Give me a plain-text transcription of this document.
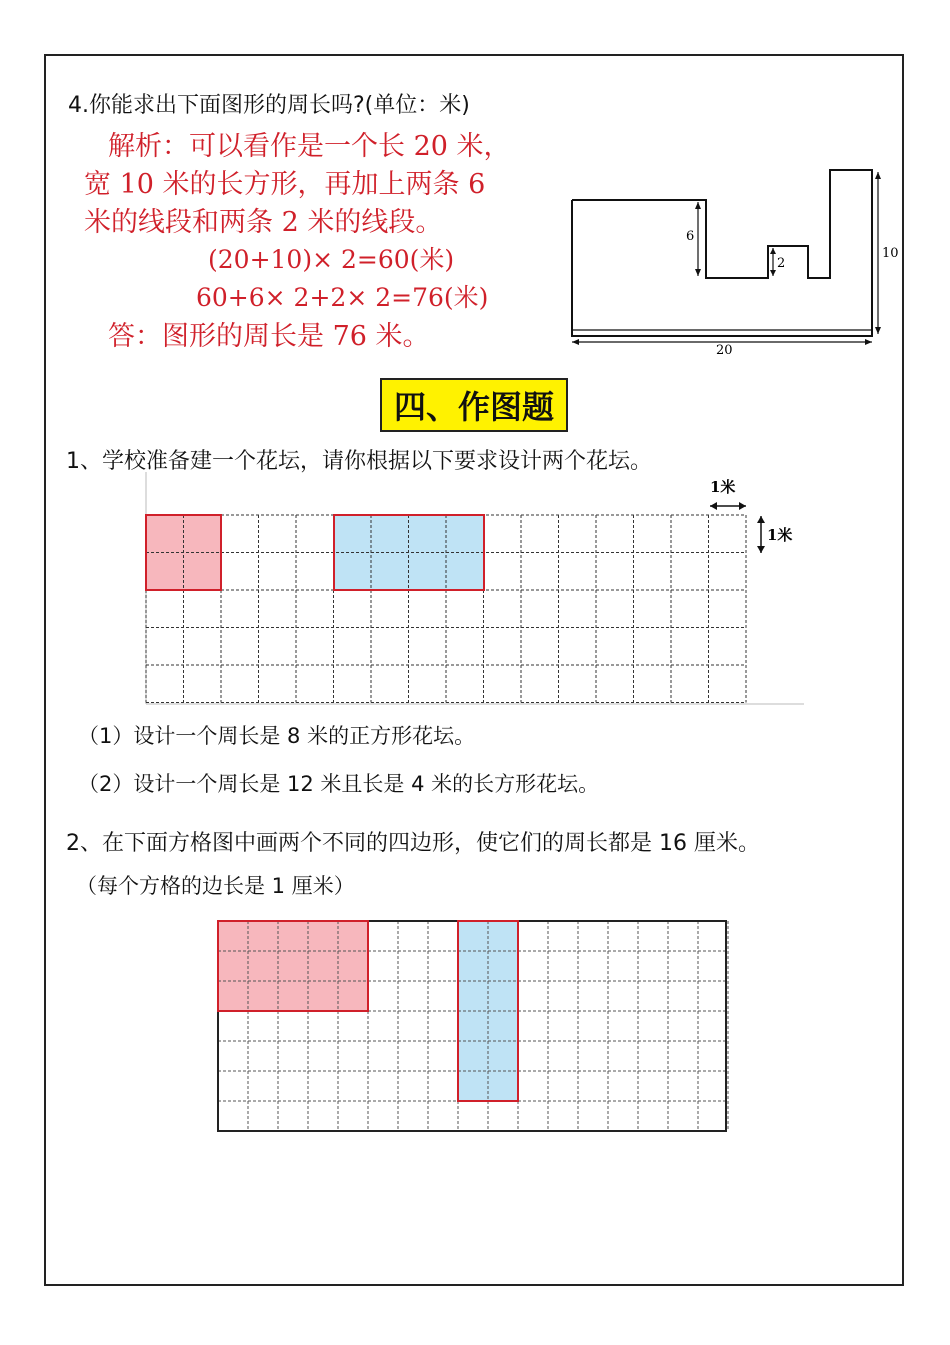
4.你能求出下面图形的周长吗?(单位：米)
解析：可以看作是一个长 20 米，
宽 10 米的长方形，再加上两条 6
米的线段和两条 2 米的线段。
(20+10)× 2=60(米)
60+6× 2+2× 2=76(米)
答：图形的周长是 76 米。
6
2
10
20
四、作图题
1、学校准备建一个花坛，请你根据以下要求设计两个花坛。
1米
1米
（1）设计一个周长是 8 米的正方形花坛。
（2）设计一个周长是 12 米且长是 4 米的长方形花坛。
2、在下面方格图中画两个不同的四边形，使它们的周长都是 16 厘米。
（每个方格的边长是 1 厘米）
